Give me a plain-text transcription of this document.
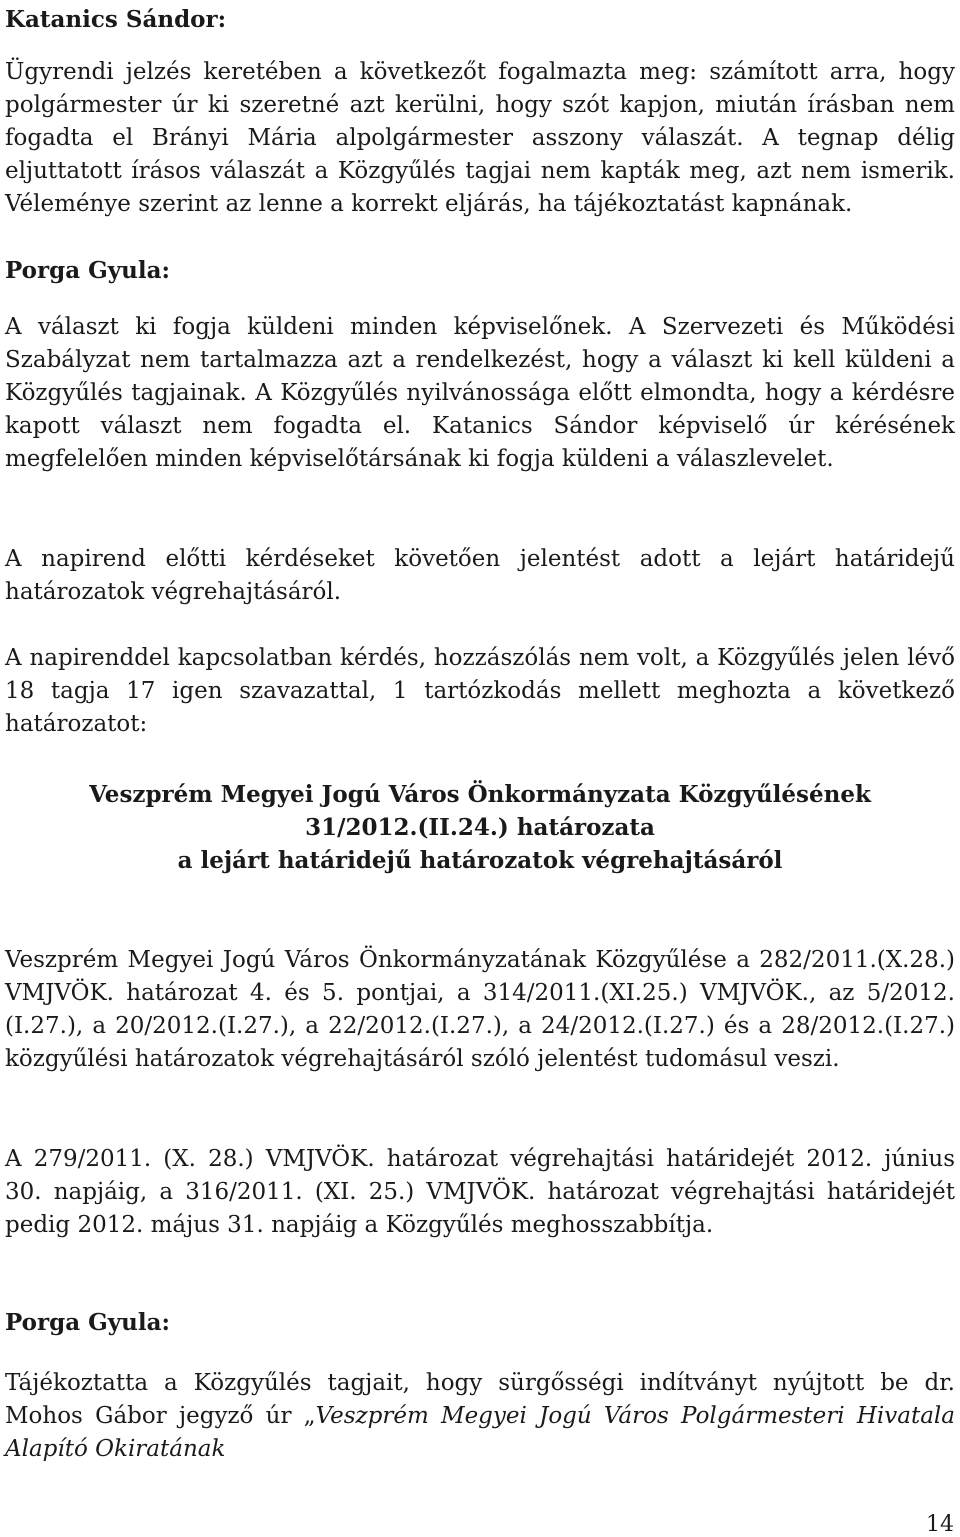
Katanics Sándor:

Ügyrendi jelzés keretében a következőt fogalmazta meg: számított arra, hogy polgármester úr ki szeretné azt kerülni, hogy szót kapjon, miután írásban nem fogadta el Brányi Mária alpolgármester asszony válaszát. A tegnap délig eljuttatott írásos válaszát a Közgyűlés tagjai nem kapták meg, azt nem ismerik. Véleménye szerint az lenne a korrekt eljárás, ha tájékoztatást kapnának.

Porga Gyula:

A választ ki fogja küldeni minden képviselőnek. A Szervezeti és Működési Szabályzat nem tartalmazza azt a rendelkezést, hogy a választ ki kell küldeni a Közgyűlés tagjainak. A Közgyűlés nyilvánossága előtt elmondta, hogy a kérdésre kapott választ nem fogadta el. Katanics Sándor képviselő úr kérésének megfelelően minden képviselőtársának ki fogja küldeni a válaszlevelet.

A napirend előtti kérdéseket követően jelentést adott a lejárt határidejű határozatok végrehajtásáról.

A napirenddel kapcsolatban kérdés, hozzászólás nem volt, a Közgyűlés jelen lévő 18 tagja 17 igen szavazattal, 1 tartózkodás mellett meghozta a következő határozatot:

Veszprém Megyei Jogú Város Önkormányzata Közgyűlésének
31/2012.(II.24.) határozata
a lejárt határidejű határozatok végrehajtásáról

Veszprém Megyei Jogú Város Önkormányzatának Közgyűlése a 282/2011.(X.28.) VMJVÖK. határozat 4. és 5. pontjai, a 314/2011.(XI.25.) VMJVÖK., az 5/2012.(I.27.), a 20/2012.(I.27.), a 22/2012.(I.27.), a 24/2012.(I.27.) és a 28/2012.(I.27.) közgyűlési határozatok végrehajtásáról szóló jelentést tudomásul veszi.

A 279/2011. (X. 28.) VMJVÖK. határozat végrehajtási határidejét 2012. június 30. napjáig, a 316/2011. (XI. 25.) VMJVÖK. határozat végrehajtási határidejét pedig 2012. május 31. napjáig a Közgyűlés meghosszabbítja.

Porga Gyula:

Tájékoztatta a Közgyűlés tagjait, hogy sürgősségi indítványt nyújtott be dr. Mohos Gábor jegyző úr „Veszprém Megyei Jogú Város Polgármesteri Hivatala Alapító Okiratának

14
